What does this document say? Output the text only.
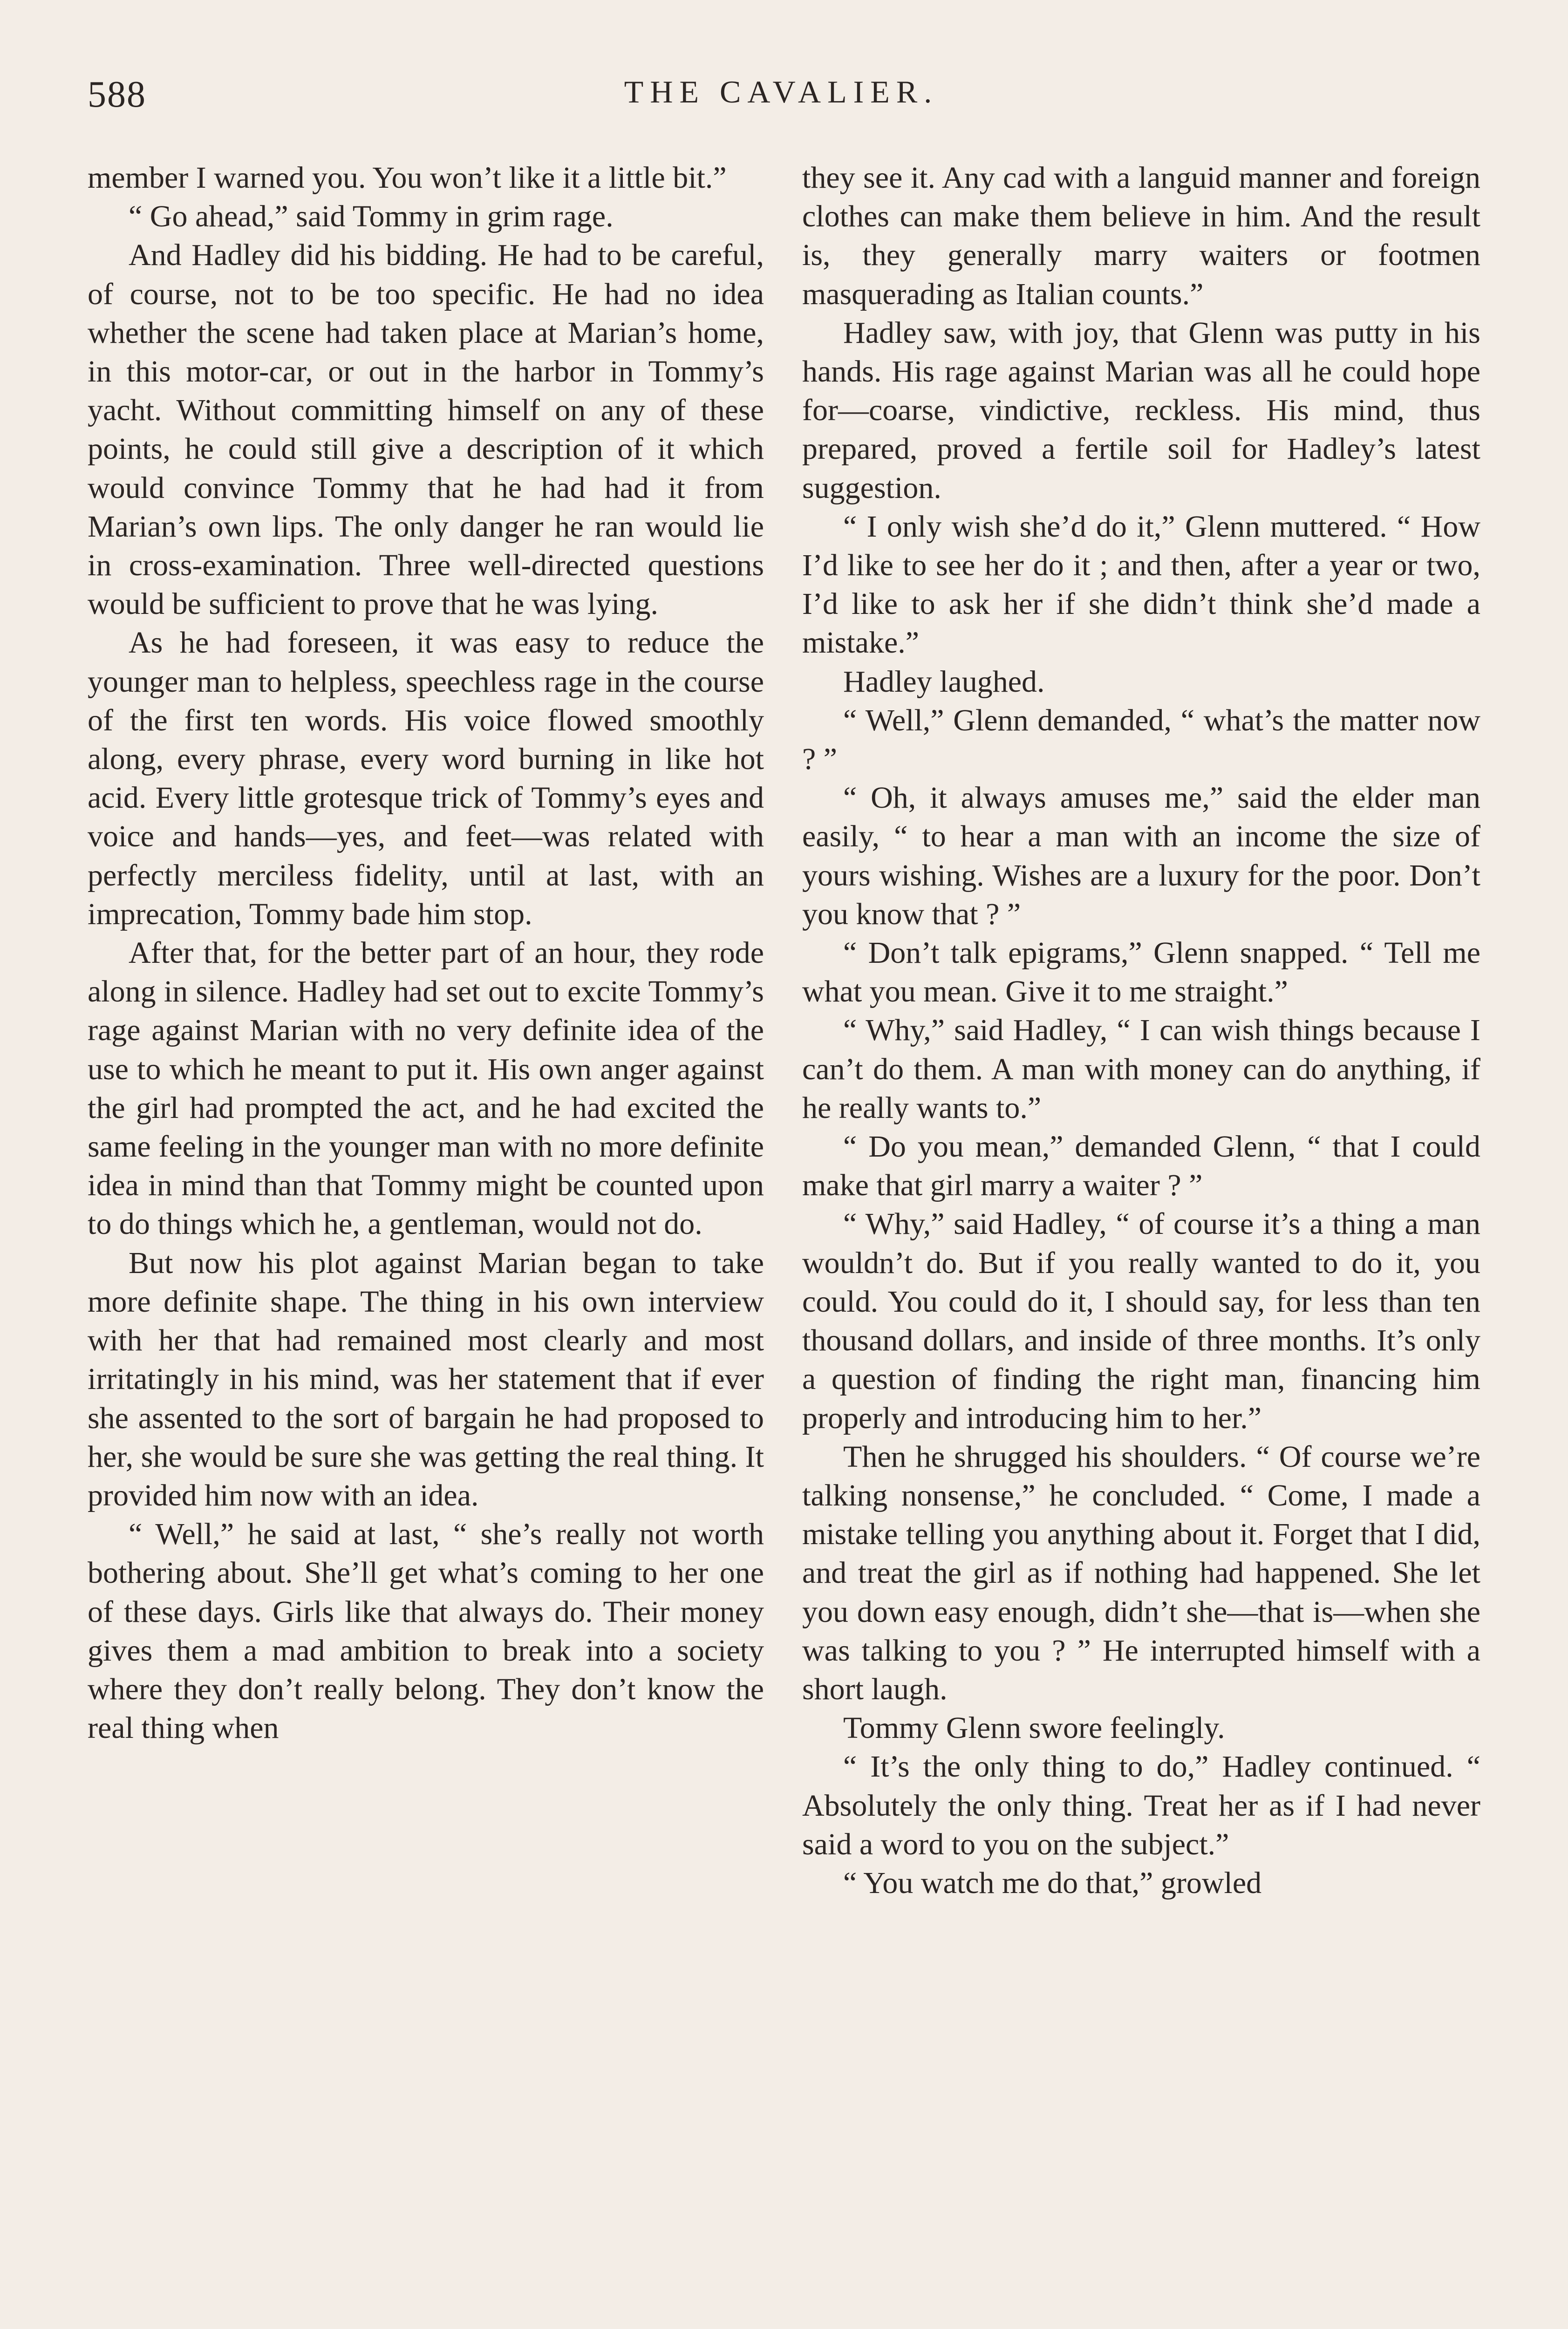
588	THE CAVALIER.

member I warned you. You won’t like it a little bit.”

“ Go ahead,” said Tommy in grim rage.

And Hadley did his bidding. He had to be careful, of course, not to be too specific. He had no idea whether the scene had taken place at Marian’s home, in this motor-car, or out in the harbor in Tommy’s yacht. Without committing himself on any of these points, he could still give a description of it which would convince Tommy that he had had it from Marian’s own lips. The only danger he ran would lie in cross-examination. Three well-directed questions would be sufficient to prove that he was lying.

As he had foreseen, it was easy to reduce the younger man to helpless, speechless rage in the course of the first ten words. His voice flowed smoothly along, every phrase, every word burning in like hot acid. Every little grotesque trick of Tommy’s eyes and voice and hands—yes, and feet—was related with perfectly merciless fidelity, until at last, with an imprecation, Tommy bade him stop.

After that, for the better part of an hour, they rode along in silence. Hadley had set out to excite Tommy’s rage against Marian with no very definite idea of the use to which he meant to put it. His own anger against the girl had prompted the act, and he had excited the same feeling in the younger man with no more definite idea in mind than that Tommy might be counted upon to do things which he, a gentleman, would not do.

But now his plot against Marian began to take more definite shape. The thing in his own interview with her that had remained most clearly and most irritatingly in his mind, was her statement that if ever she assented to the sort of bargain he had proposed to her, she would be sure she was getting the real thing. It provided him now with an idea.

“ Well,” he said at last, “ she’s really not worth bothering about. She’ll get what’s coming to her one of these days. Girls like that always do. Their money gives them a mad ambition to break into a society where they don’t really belong. They don’t know the real thing when

they see it. Any cad with a languid manner and foreign clothes can make them believe in him. And the result is, they generally marry waiters or footmen masquerading as Italian counts.”

Hadley saw, with joy, that Glenn was putty in his hands. His rage against Marian was all he could hope for—coarse, vindictive, reckless. His mind, thus prepared, proved a fertile soil for Hadley’s latest suggestion.

“ I only wish she’d do it,” Glenn muttered. “ How I’d like to see her do it ; and then, after a year or two, I’d like to ask her if she didn’t think she’d made a mistake.”

Hadley laughed.

“ Well,” Glenn demanded, “ what’s the matter now ? ”

“ Oh, it always amuses me,” said the elder man easily, “ to hear a man with an income the size of yours wishing. Wishes are a luxury for the poor. Don’t you know that ? ”

“ Don’t talk epigrams,” Glenn snapped. “ Tell me what you mean. Give it to me straight.”

“ Why,” said Hadley, “ I can wish things because I can’t do them. A man with money can do anything, if he really wants to.”

“ Do you mean,” demanded Glenn, “ that I could make that girl marry a waiter ? ”

“ Why,” said Hadley, “ of course it’s a thing a man wouldn’t do. But if you really wanted to do it, you could. You could do it, I should say, for less than ten thousand dollars, and inside of three months. It’s only a question of finding the right man, financing him properly and introducing him to her.”

Then he shrugged his shoulders. “ Of course we’re talking nonsense,” he concluded. “ Come, I made a mistake telling you anything about it. Forget that I did, and treat the girl as if nothing had happened. She let you down easy enough, didn’t she—that is—when she was talking to you ? ” He interrupted himself with a short laugh.

Tommy Glenn swore feelingly.

“ It’s the only thing to do,” Hadley continued. “ Absolutely the only thing. Treat her as if I had never said a word to you on the subject.”

“ You watch me do that,” growled
